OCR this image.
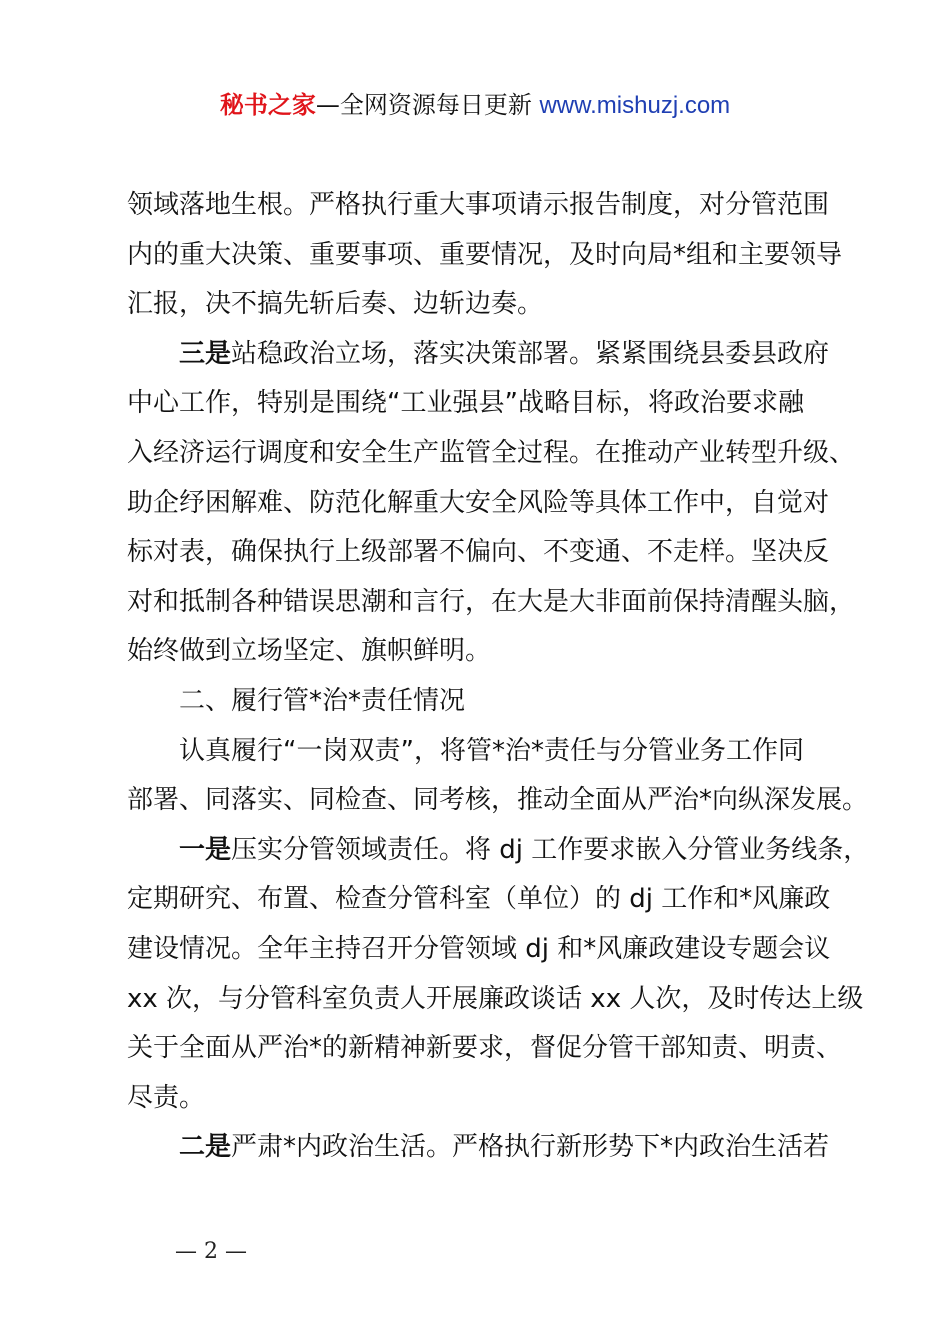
秘书之家—全网资源每日更新 www.mishuzj.com

领域落地生根。严格执行重大事项请示报告制度，对分管范围

内的重大决策、重要事项、重要情况，及时向局*组和主要领导

汇报，决不搞先斩后奏、边斩边奏。

三是站稳政治立场，落实决策部署。紧紧围绕县委县政府

中心工作，特别是围绕“工业强县”战略目标，将政治要求融

入经济运行调度和安全生产监管全过程。在推动产业转型升级、

助企纾困解难、防范化解重大安全风险等具体工作中，自觉对

标对表，确保执行上级部署不偏向、不变通、不走样。坚决反

对和抵制各种错误思潮和言行，在大是大非面前保持清醒头脑，

始终做到立场坚定、旗帜鲜明。

二、履行管*治*责任情况

认真履行“一岗双责”，将管*治*责任与分管业务工作同

部署、同落实、同检查、同考核，推动全面从严治*向纵深发展。

一是压实分管领域责任。将 dj 工作要求嵌入分管业务线条，

定期研究、布置、检查分管科室（单位）的 dj 工作和*风廉政

建设情况。全年主持召开分管领域 dj 和*风廉政建设专题会议

xx 次，与分管科室负责人开展廉政谈话 xx 人次，及时传达上级

关于全面从严治*的新精神新要求，督促分管干部知责、明责、

尽责。

二是严肃*内政治生活。严格执行新形势下*内政治生活若

— 2 —
